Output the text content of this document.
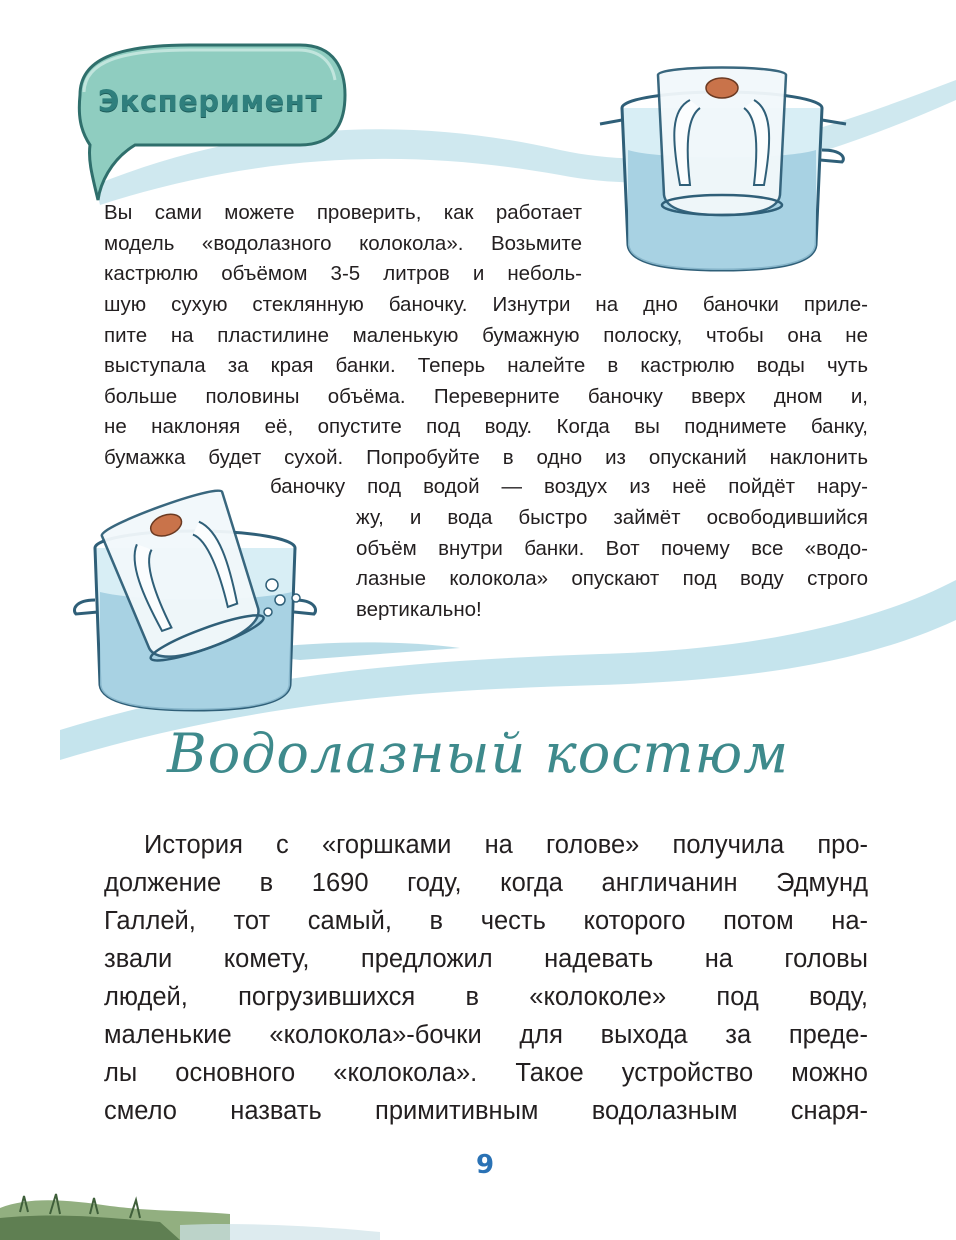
Эксперимент
Вы сами можете проверить, как работает
модель «водолазного колокола». Возьмите
кастрюлю объёмом 3-5 литров и неболь-
шую сухую стеклянную баночку. Изнутри на дно баночки прилe-
пите на пластилине маленькую бумажную полоску, чтобы она не
выступала за края банки. Теперь налейте в кастрюлю воды чуть
больше половины объёма. Переверните баночку вверх дном и,
не наклоняя её, опустите под воду. Когда вы поднимете банку,
бумажка будет сухой. Попробуйте в одно из опусканий наклонить
баночку под водой — воздух из неё пойдёт нару-
жу, и вода быстро займёт освободившийся
объём внутри банки. Вот почему все «водо-
лазные колокола» опускают под воду строго
вертикально!
Водолазный костюм
История с «горшками на голове» получила про-
должение в 1690 году, когда англичанин Эдмунд
Галлей, тот самый, в честь которого потом на-
звали комету, предложил надевать на головы
людей, погрузившихся в «колоколе» под воду,
маленькие «колокола»-бочки для выхода за преде-
лы основного «колокола». Такое устройство можно
смело назвать примитивным водолазным снаря-
9
